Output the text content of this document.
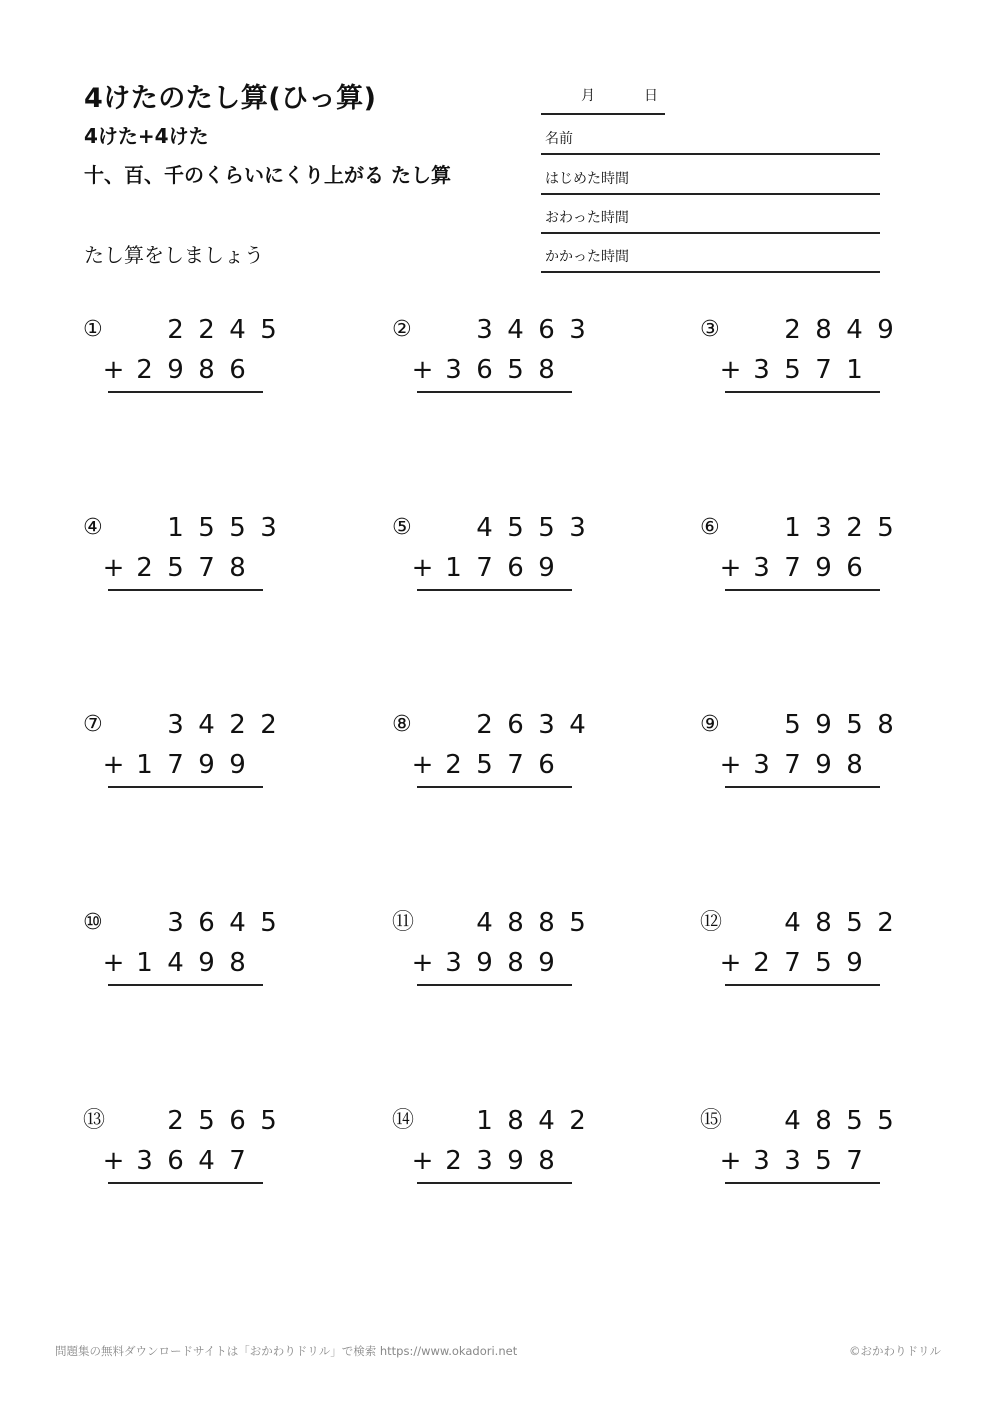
4けたのたし算(ひっ算)
4けた+4けた
十、百、千のくらいにくり上がる たし算
たし算をしましょう
月	日
名前
はじめた時間
おわった時間
かかった時間
① 2 2 4 5
+ 2 9 8 6
② 3 4 6 3
+ 3 6 5 8
③ 2 8 4 9
+ 3 5 7 1
④ 1 5 5 3
+ 2 5 7 8
⑤ 4 5 5 3
+ 1 7 6 9
⑥ 1 3 2 5
+ 3 7 9 6
⑦ 3 4 2 2
+ 1 7 9 9
⑧ 2 6 3 4
+ 2 5 7 6
⑨ 5 9 5 8
+ 3 7 9 8
⑩ 3 6 4 5
+ 1 4 9 8
⑪ 4 8 8 5
+ 3 9 8 9
⑫ 4 8 5 2
+ 2 7 5 9
⑬ 2 5 6 5
+ 3 6 4 7
⑭ 1 8 4 2
+ 2 3 9 8
⑮ 4 8 5 5
+ 3 3 5 7
問題集の無料ダウンロードサイトは「おかわりドリル」で検索 https://www.okadori.net	©おかわりドリル
